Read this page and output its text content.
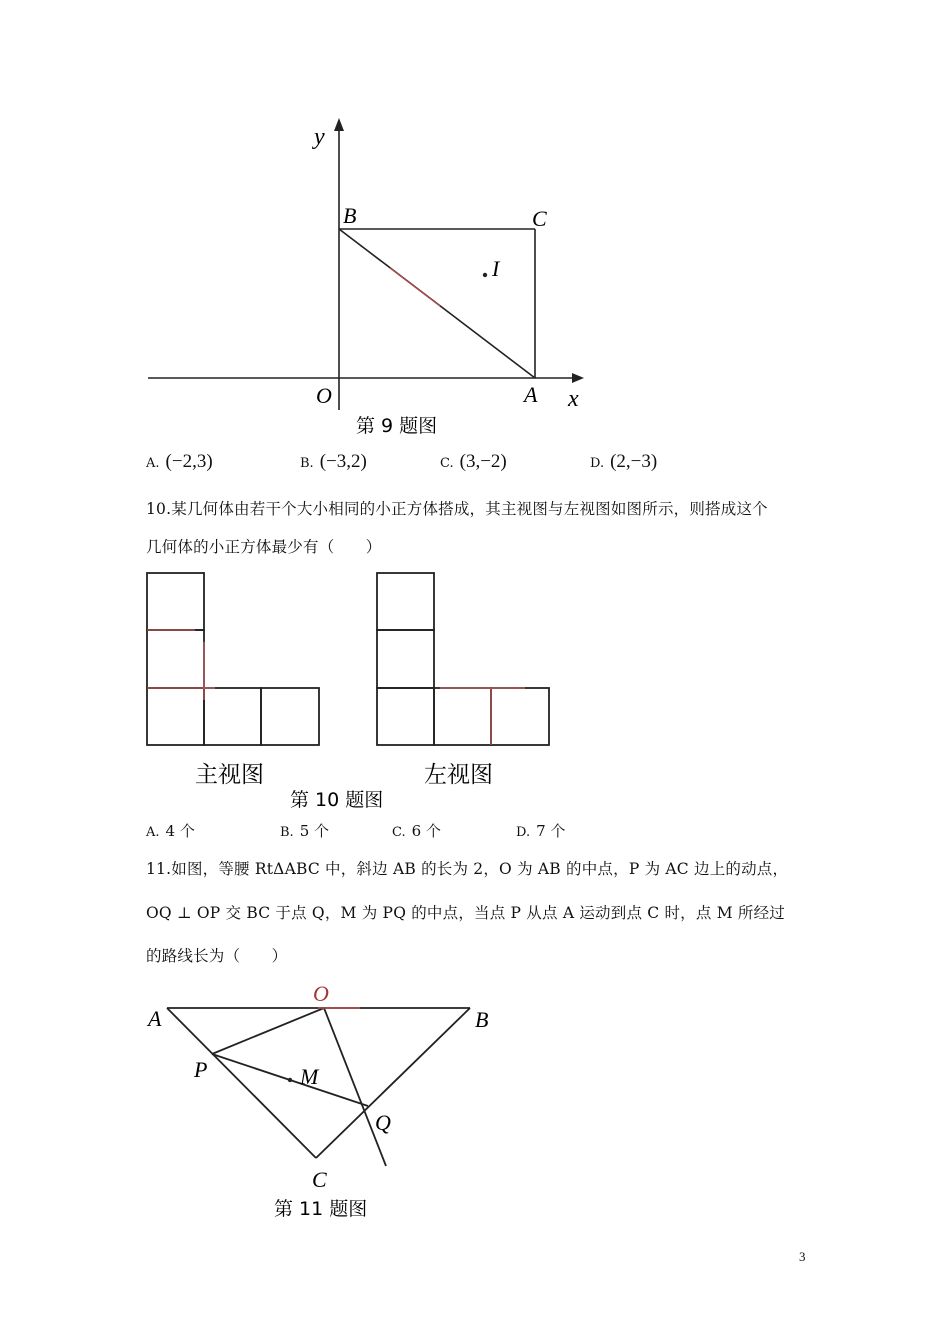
y
B	C
I
O	A x
第 9 题图
A. (−2,3)	B. (−3,2)	C. (3,−2)	D. (2,−3)
10.某几何体由若干个大小相同的小正方体搭成，其主视图与左视图如图所示，则搭成这个
几何体的小正方体最少有（　　）
主视图	左视图
第 10 题图
A. 4 个	B. 5 个	C. 6 个	D. 7 个
11.如图，等腰 RtΔABC 中，斜边 AB 的长为 2，O 为 AB 的中点，P 为 AC 边上的动点，
OQ ⊥ OP 交 BC 于点 Q，M 为 PQ 的中点，当点 P 从点 A 运动到点 C 时，点 M 所经过
的路线长为（　　）
A
O
B
P	M
Q
C
第 11 题图
3
